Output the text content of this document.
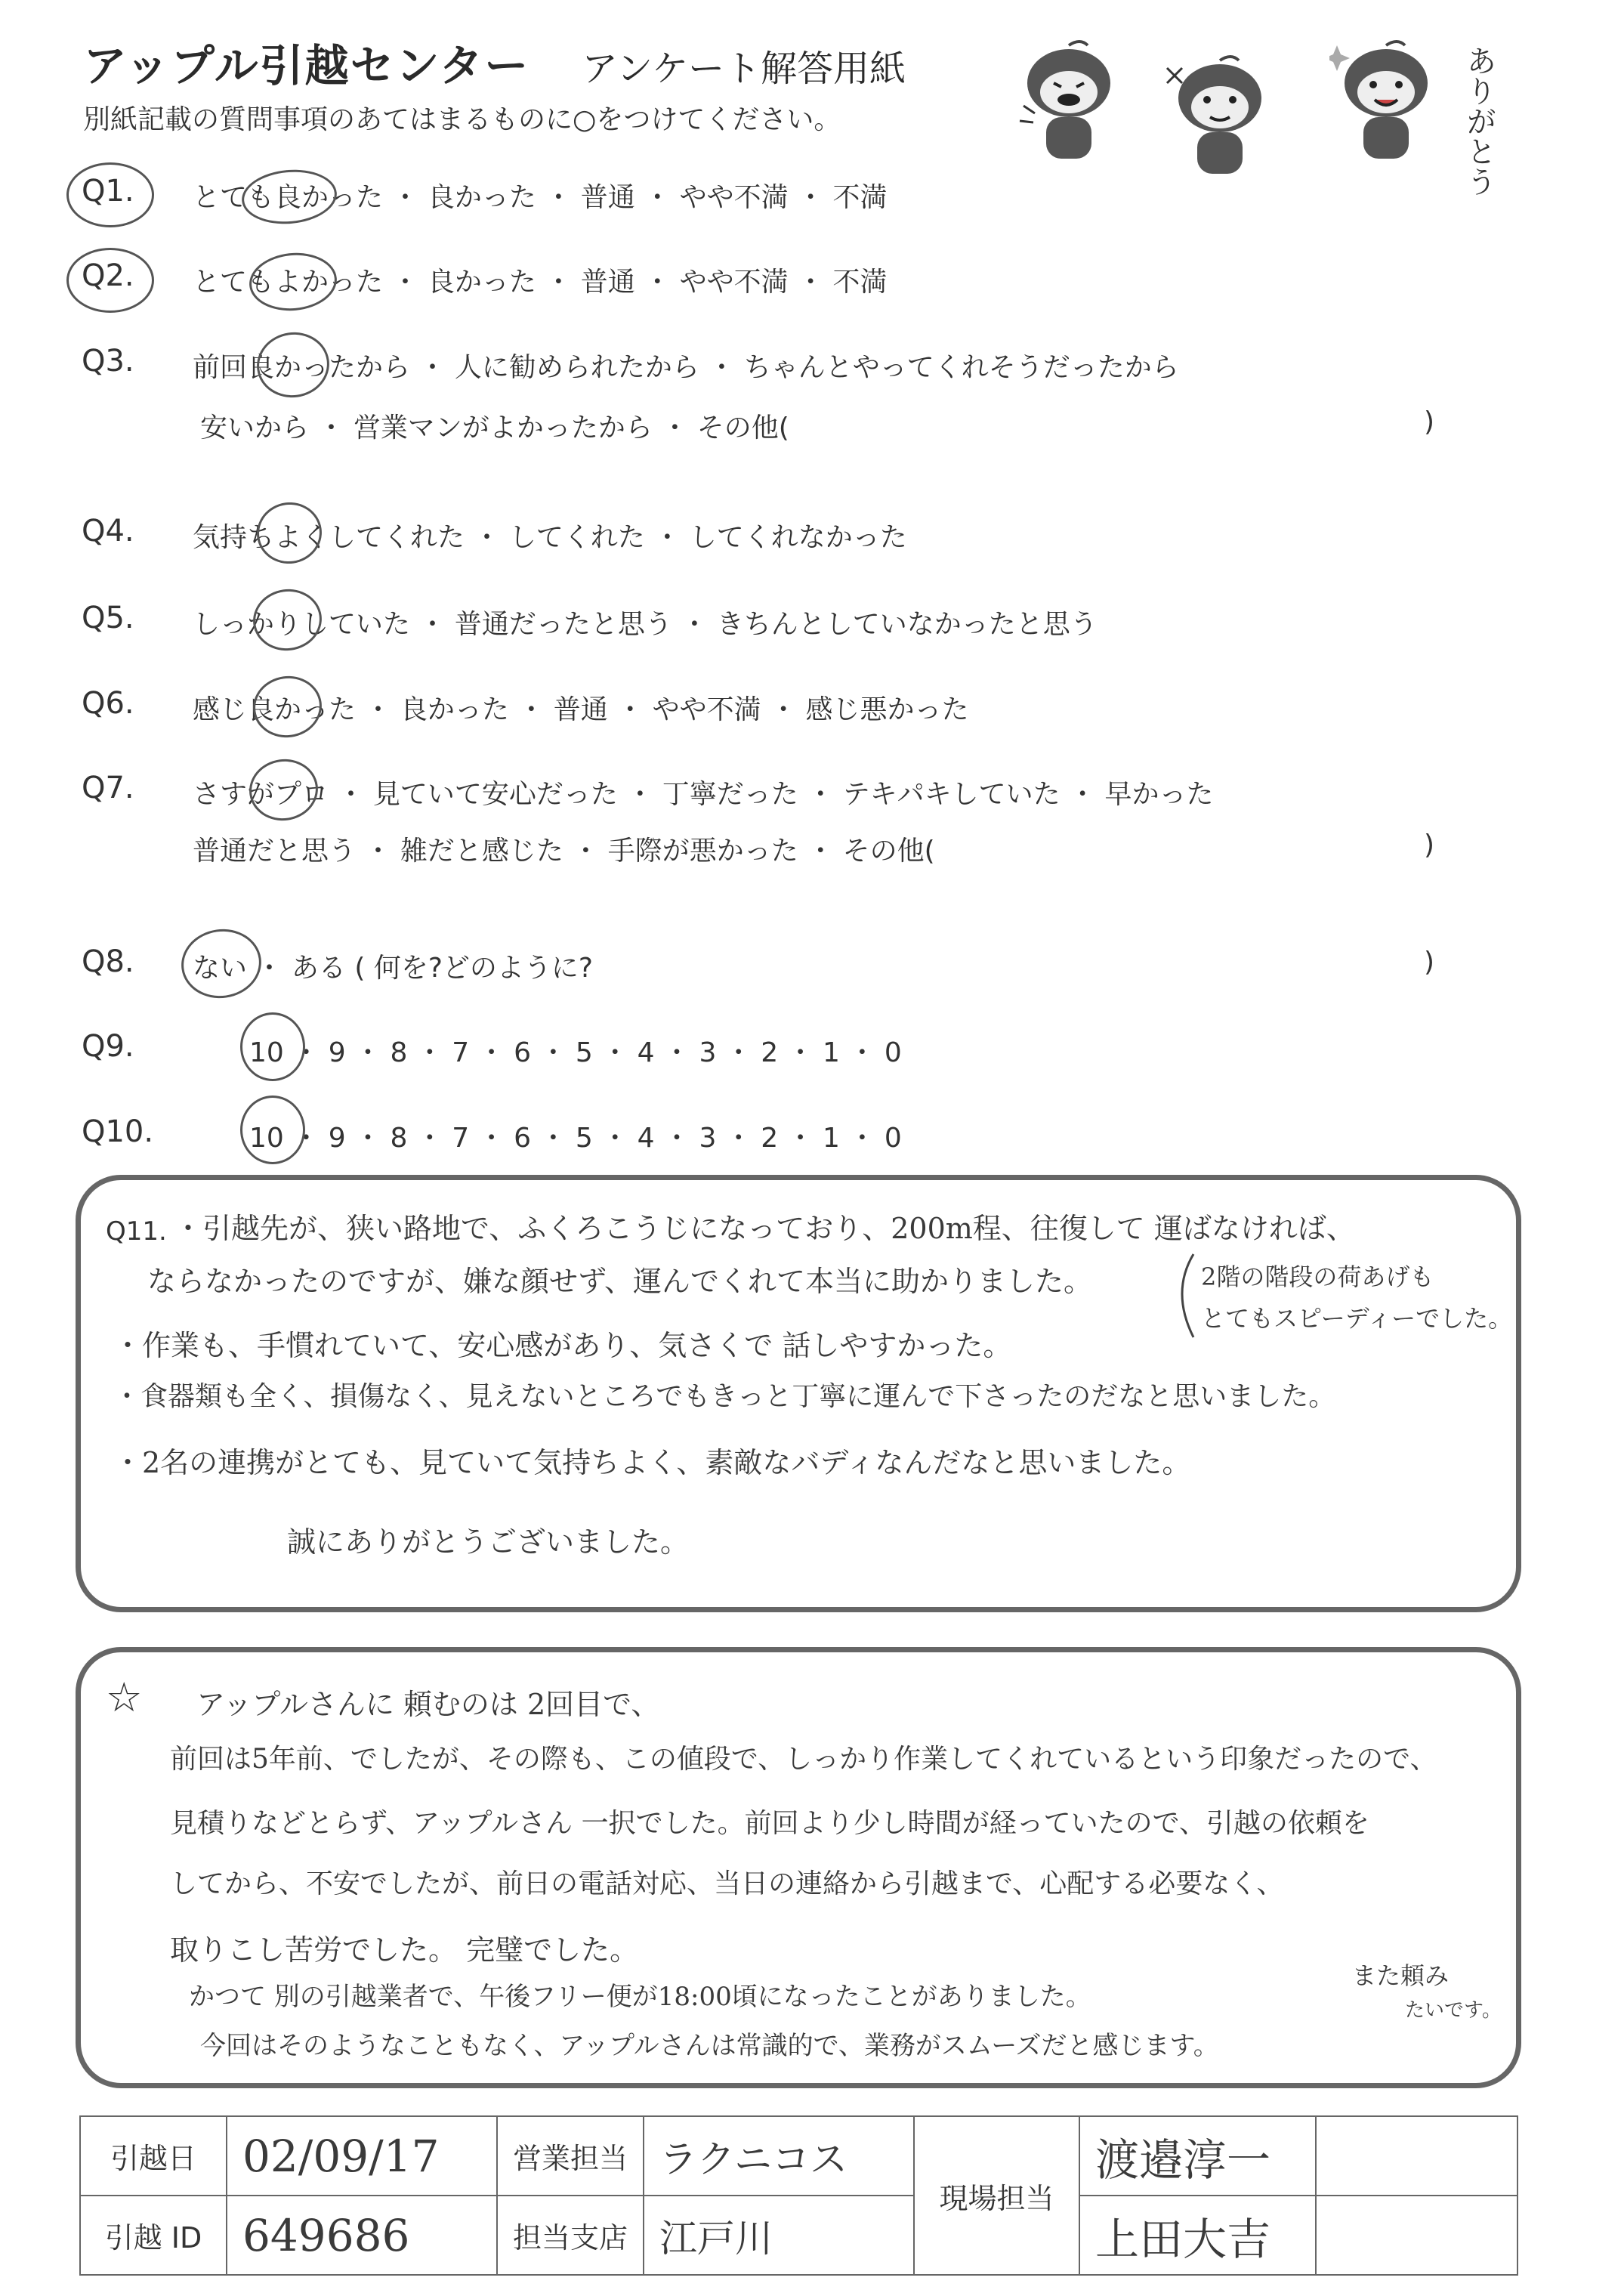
アップル引越センター アンケート解答用紙
別紙記載の質問事項のあてはまるものに○をつけてください。	ありがとう
Q1. とても良かった ・ 良かった ・ 普通 ・ やや不満 ・ 不満
Q2. とてもよかった ・ 良かった ・ 普通 ・ やや不満 ・ 不満
Q3. 前回良かったから ・ 人に勧められたから ・ ちゃんとやってくれそうだったから
安いから ・ 営業マンがよかったから ・ その他(	)
Q4. 気持ちよくしてくれた ・ してくれた ・ してくれなかった
Q5. しっかりしていた ・ 普通だったと思う ・ きちんとしていなかったと思う
Q6. 感じ良かった ・ 良かった ・ 普通 ・ やや不満 ・ 感じ悪かった
Q7. さすがプロ ・ 見ていて安心だった ・ 丁寧だった ・ テキパキしていた ・ 早かった
普通だと思う ・ 雑だと感じた ・ 手際が悪かった ・ その他(	)
Q8. ない ・ ある ( 何を?どのように?	)
Q9.	10 ・ 9 ・ 8 ・ 7 ・ 6 ・ 5 ・ 4 ・ 3 ・ 2 ・ 1 ・ 0
Q10.	10 ・ 9 ・ 8 ・ 7 ・ 6 ・ 5 ・ 4 ・ 3 ・ 2 ・ 1 ・ 0
Q11. ・引越先が、狭い路地で、ふくろこうじになっており、200m程、往復して 運ばなければ、
ならなかったのですが、嫌な顔せず、運んでくれて本当に助かりました。
・作業も、手慣れていて、安心感があり、気さくで 話しやすかった。
・食器類も全く、損傷なく、見えないところでもきっと丁寧に運んで下さったのだなと思いました。
・2名の連携がとても、見ていて気持ちよく、素敵なバディなんだなと思いました。
誠にありがとうございました。
2階の階段の荷あげも
とてもスピーディーでした。
☆ アップルさんに 頼むのは 2回目で、
前回は5年前、でしたが、その際も、この値段で、しっかり作業してくれているという印象だったので、
見積りなどとらず、アップルさん 一択でした。前回より少し時間が経っていたので、引越の依頼を
してから、不安でしたが、前日の電話対応、当日の連絡から引越まで、心配する必要なく、
取りこし苦労でした。 完璧でした。
かつて 別の引越業者で、午後フリー便が18:00頃になったことがありました。
今回はそのようなこともなく、アップルさんは常識的で、業務がスムーズだと感じます。
また頼み
たいです。
引越日	02/09/17	営業担当	ラクニコス	現場担当	渡邉淳一	
引越 ID	649686	担当支店	江戸川		上田大吉	
